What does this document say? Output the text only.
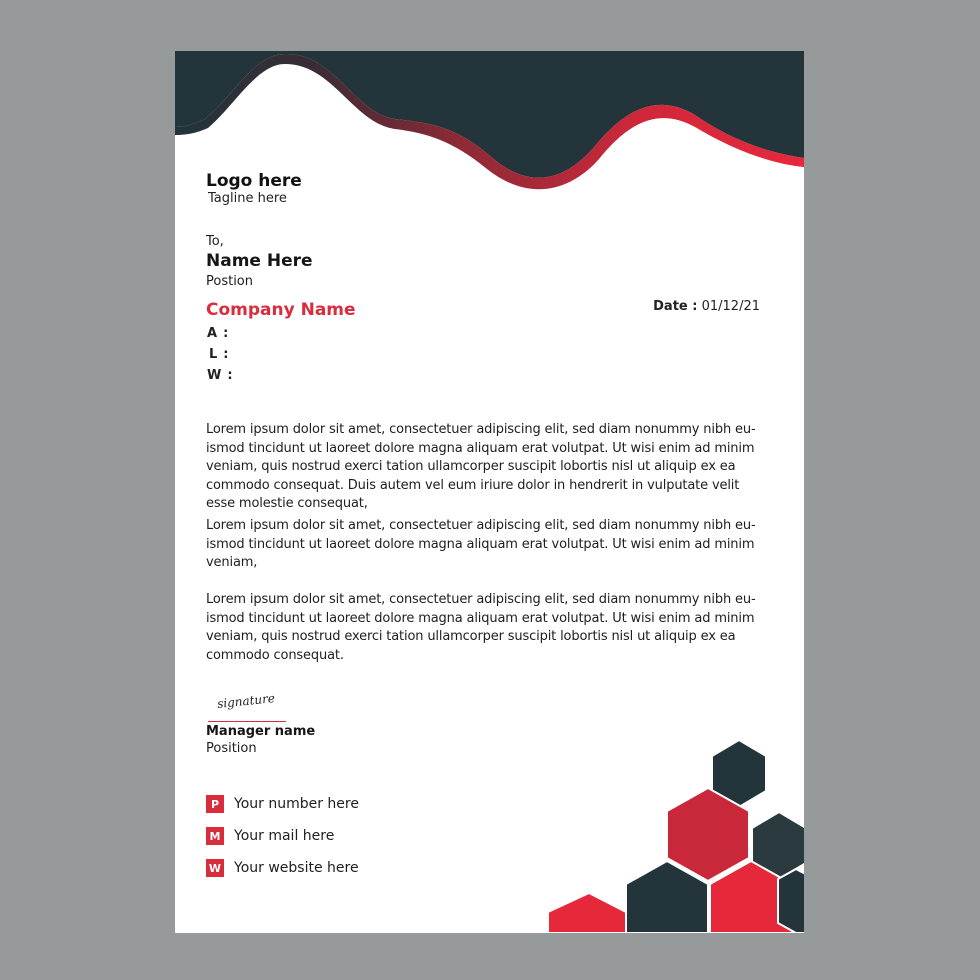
Logo here
Tagline here
To,
Name Here
Postion
Company Name	Date : 01/12/21
A :
L :
W :
Lorem ipsum dolor sit amet, consectetuer adipiscing elit, sed diam nonummy nibh eu-ismod tincidunt ut laoreet dolore magna aliquam erat volutpat. Ut wisi enim ad minim veniam, quis nostrud exerci tation ullamcorper suscipit lobortis nisl ut aliquip ex ea commodo consequat. Duis autem vel eum iriure dolor in hendrerit in vulputate velit esse molestie consequat,
Lorem ipsum dolor sit amet, consectetuer adipiscing elit, sed diam nonummy nibh eu-ismod tincidunt ut laoreet dolore magna aliquam erat volutpat. Ut wisi enim ad minim veniam,
Lorem ipsum dolor sit amet, consectetuer adipiscing elit, sed diam nonummy nibh eu-ismod tincidunt ut laoreet dolore magna aliquam erat volutpat. Ut wisi enim ad minim veniam, quis nostrud exerci tation ullamcorper suscipit lobortis nisl ut aliquip ex ea commodo consequat.
signature
Manager name
Position
P	Your number here
M Your mail here
W Your website here
